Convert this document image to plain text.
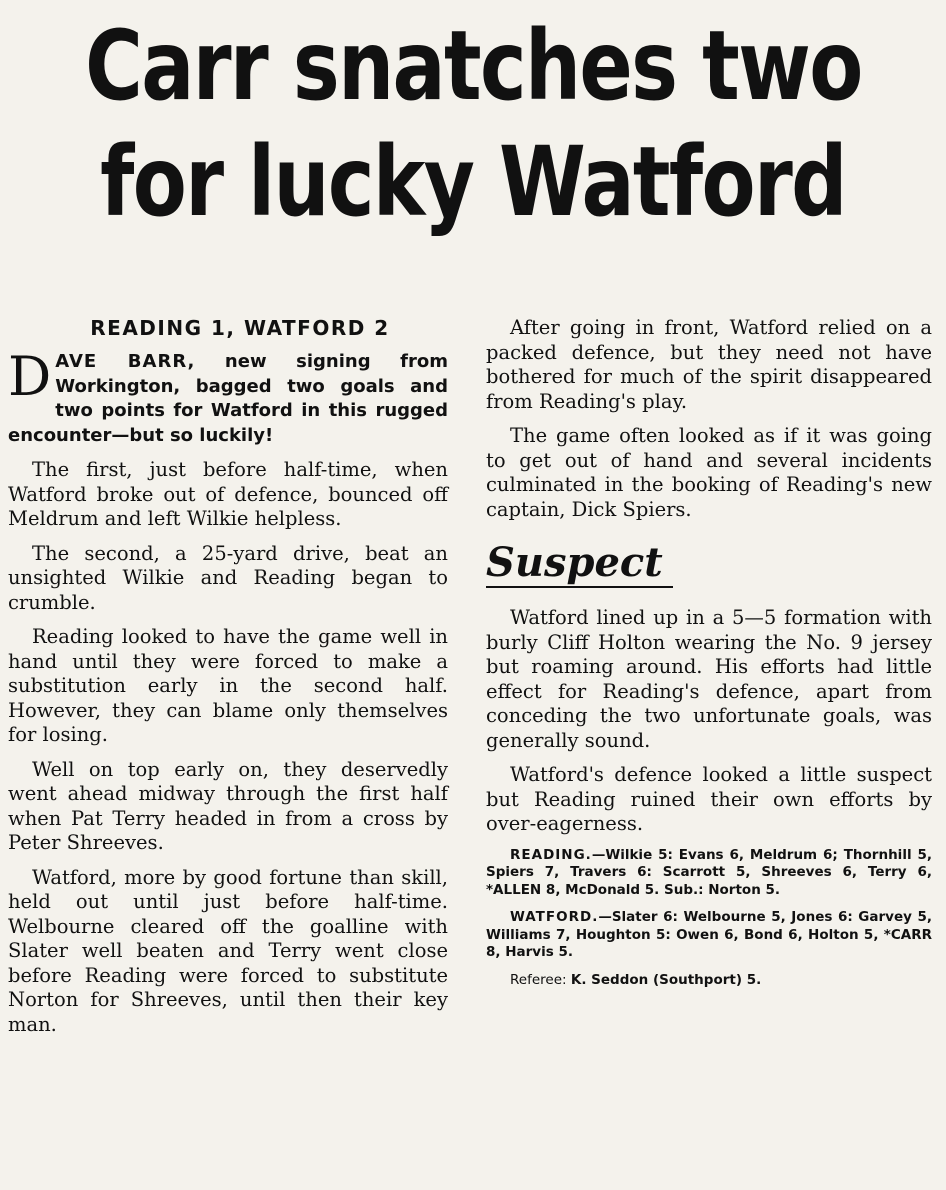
Carr snatches two
for lucky Watford

READING 1, WATFORD 2

DAVE BARR, new signing from Workington, bagged two goals and two points for Watford in this rugged encounter—but so luckily!

The first, just before half-time, when Watford broke out of defence, bounced off Meldrum and left Wilkie helpless.

The second, a 25-yard drive, beat an unsighted Wilkie and Reading began to crumble.

Reading looked to have the game well in hand until they were forced to make a substitution early in the second half. However, they can blame only themselves for losing.

Well on top early on, they deservedly went ahead midway through the first half when Pat Terry headed in from a cross by Peter Shreeves.

Watford, more by good fortune than skill, held out until just before half-time. Welbourne cleared off the goalline with Slater well beaten and Terry went close before Reading were forced to substitute Norton for Shreeves, until then their key man.

After going in front, Watford relied on a packed defence, but they need not have bothered for much of the spirit disappeared from Reading's play.

The game often looked as if it was going to get out of hand and several incidents culminated in the booking of Reading's new captain, Dick Spiers.

Suspect

Watford lined up in a 5—5 formation with burly Cliff Holton wearing the No. 9 jersey but roaming around. His efforts had little effect for Reading's defence, apart from conceding the two unfortunate goals, was generally sound.

Watford's defence looked a little suspect but Reading ruined their own efforts by over-eagerness.

READING.—Wilkie 5: Evans 6, Meldrum 6; Thornhill 5, Spiers 7, Travers 6: Scarrott 5, Shreeves 6, Terry 6, *ALLEN 8, McDonald 5. Sub.: Norton 5.

WATFORD.—Slater 6: Welbourne 5, Jones 6: Garvey 5, Williams 7, Houghton 5: Owen 6, Bond 6, Holton 5, *CARR 8, Harvis 5.

Referee: K. Seddon (Southport) 5.
